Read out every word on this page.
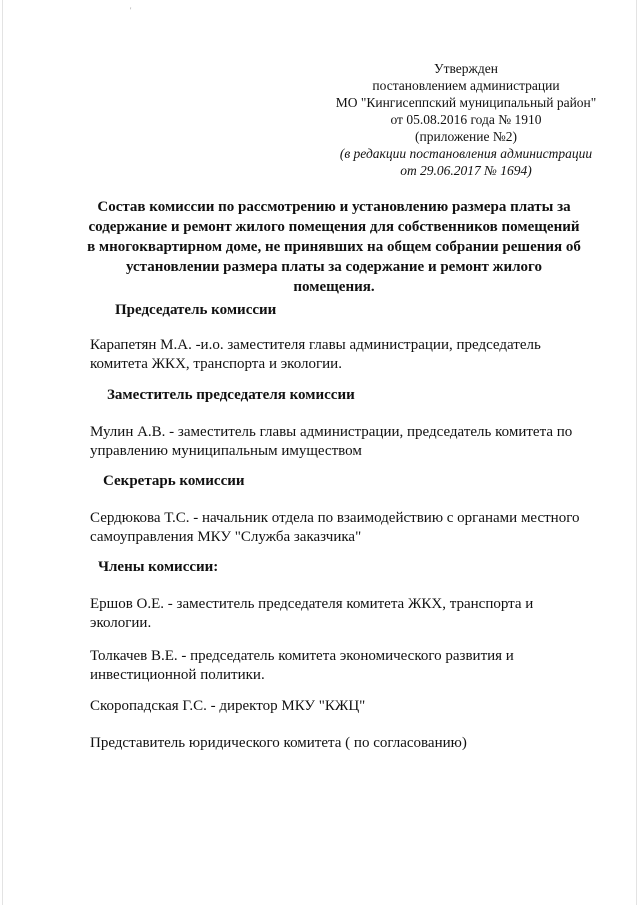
'
Утвержден
постановлением администрации
МО "Кингисеппский муниципальный район"
от 05.08.2016 года № 1910
(приложение №2)
(в редакции постановления администрации
от 29.06.2017 № 1694)
Состав комиссии по рассмотрению и установлению размера платы за
содержание и ремонт жилого помещения для собственников помещений
в многоквартирном доме, не принявших на общем собрании решения об
установлении размера платы за содержание и ремонт жилого
помещения.
Председатель комиссии
Карапетян М.А. -и.о. заместителя главы администрации, председатель
комитета ЖКХ, транспорта и экологии.
Заместитель председателя комиссии
Мулин А.В. - заместитель главы администрации, председатель комитета по
управлению муниципальным имуществом
Секретарь комиссии
Сердюкова Т.С. - начальник отдела по взаимодействию с органами местного
самоуправления МКУ "Служба заказчика"
Члены комиссии:
Ершов О.Е. - заместитель председателя комитета ЖКХ, транспорта и
экологии.
Толкачев В.Е. - председатель комитета экономического развития и
инвестиционной политики.
Скоропадская Г.С. - директор МКУ "КЖЦ"
Представитель юридического комитета ( по согласованию)
